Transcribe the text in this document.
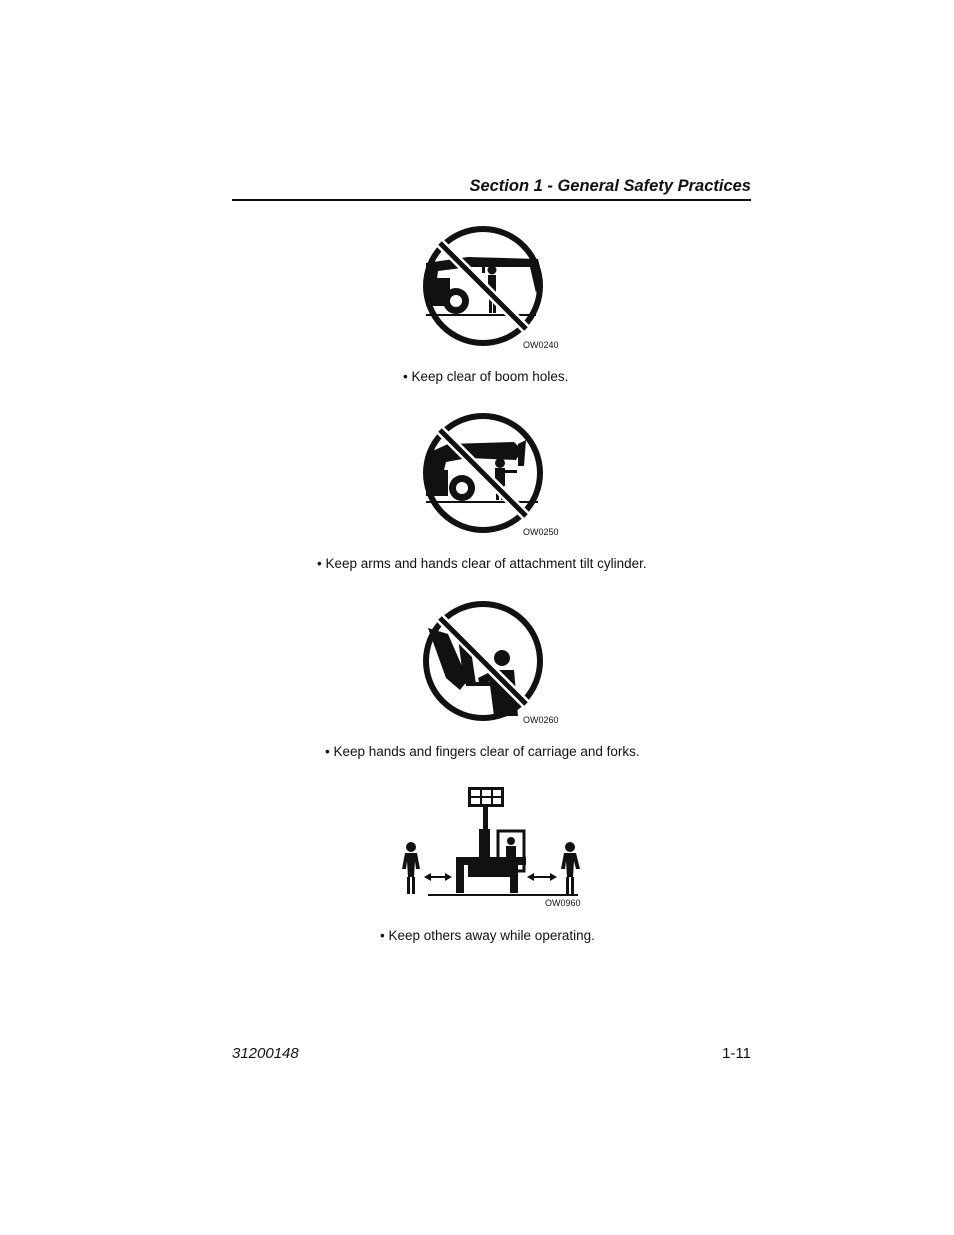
Section 1 - General Safety Practices
OW0240
• Keep clear of boom holes.
OW0250
• Keep arms and hands clear of attachment tilt cylinder.
OW0260
• Keep hands and fingers clear of carriage and forks.
OW0960
• Keep others away while operating.
31200148	1-11
